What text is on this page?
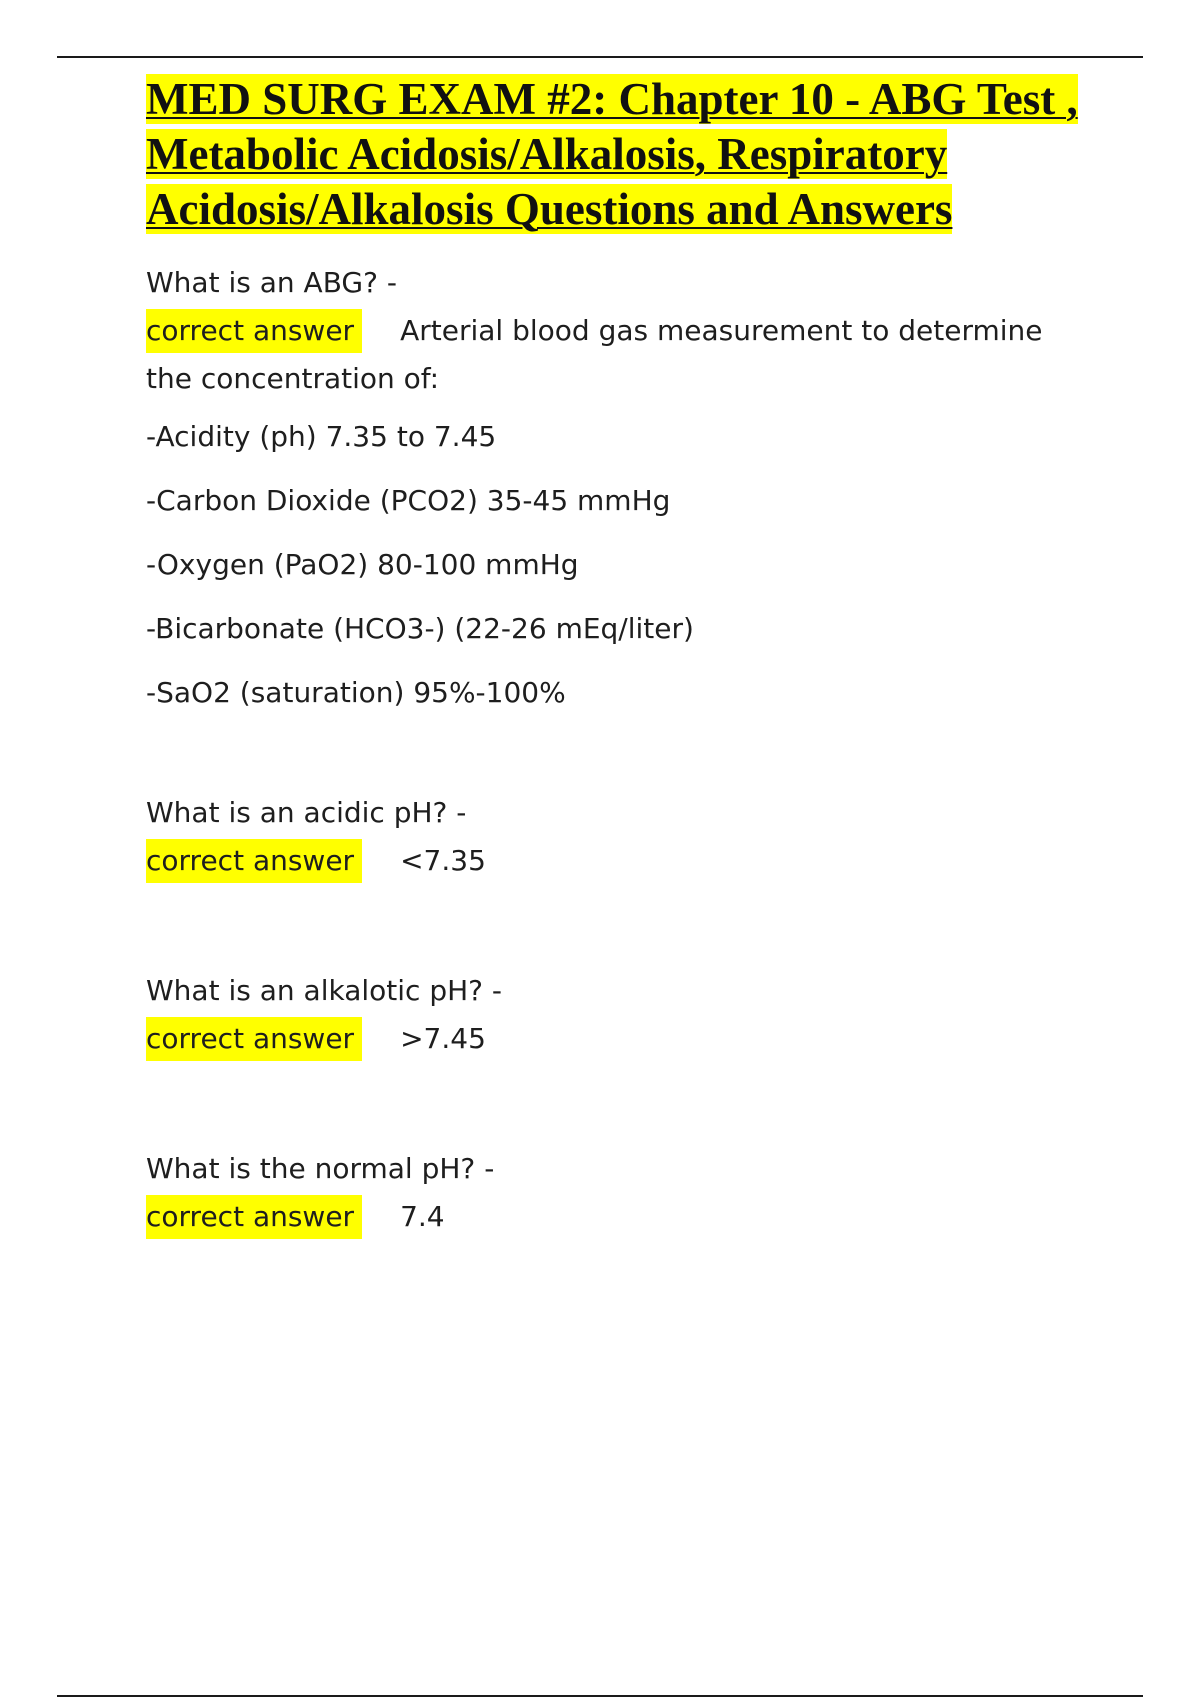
MED SURG EXAM #2: Chapter 10 - ABG Test , Metabolic Acidosis/Alkalosis, Respiratory Acidosis/Alkalosis Questions and Answers

What is an ABG? -

correct answer Arterial blood gas measurement to determine

the concentration of:

-Acidity (ph) 7.35 to 7.45

-Carbon Dioxide (PCO2) 35-45 mmHg

-Oxygen (PaO2) 80-100 mmHg

-Bicarbonate (HCO3-) (22-26 mEq/liter)

-SaO2 (saturation) 95%-100%

What is an acidic pH? -

correct answer <7.35

What is an alkalotic pH? -

correct answer >7.45

What is the normal pH? -

correct answer 7.4
